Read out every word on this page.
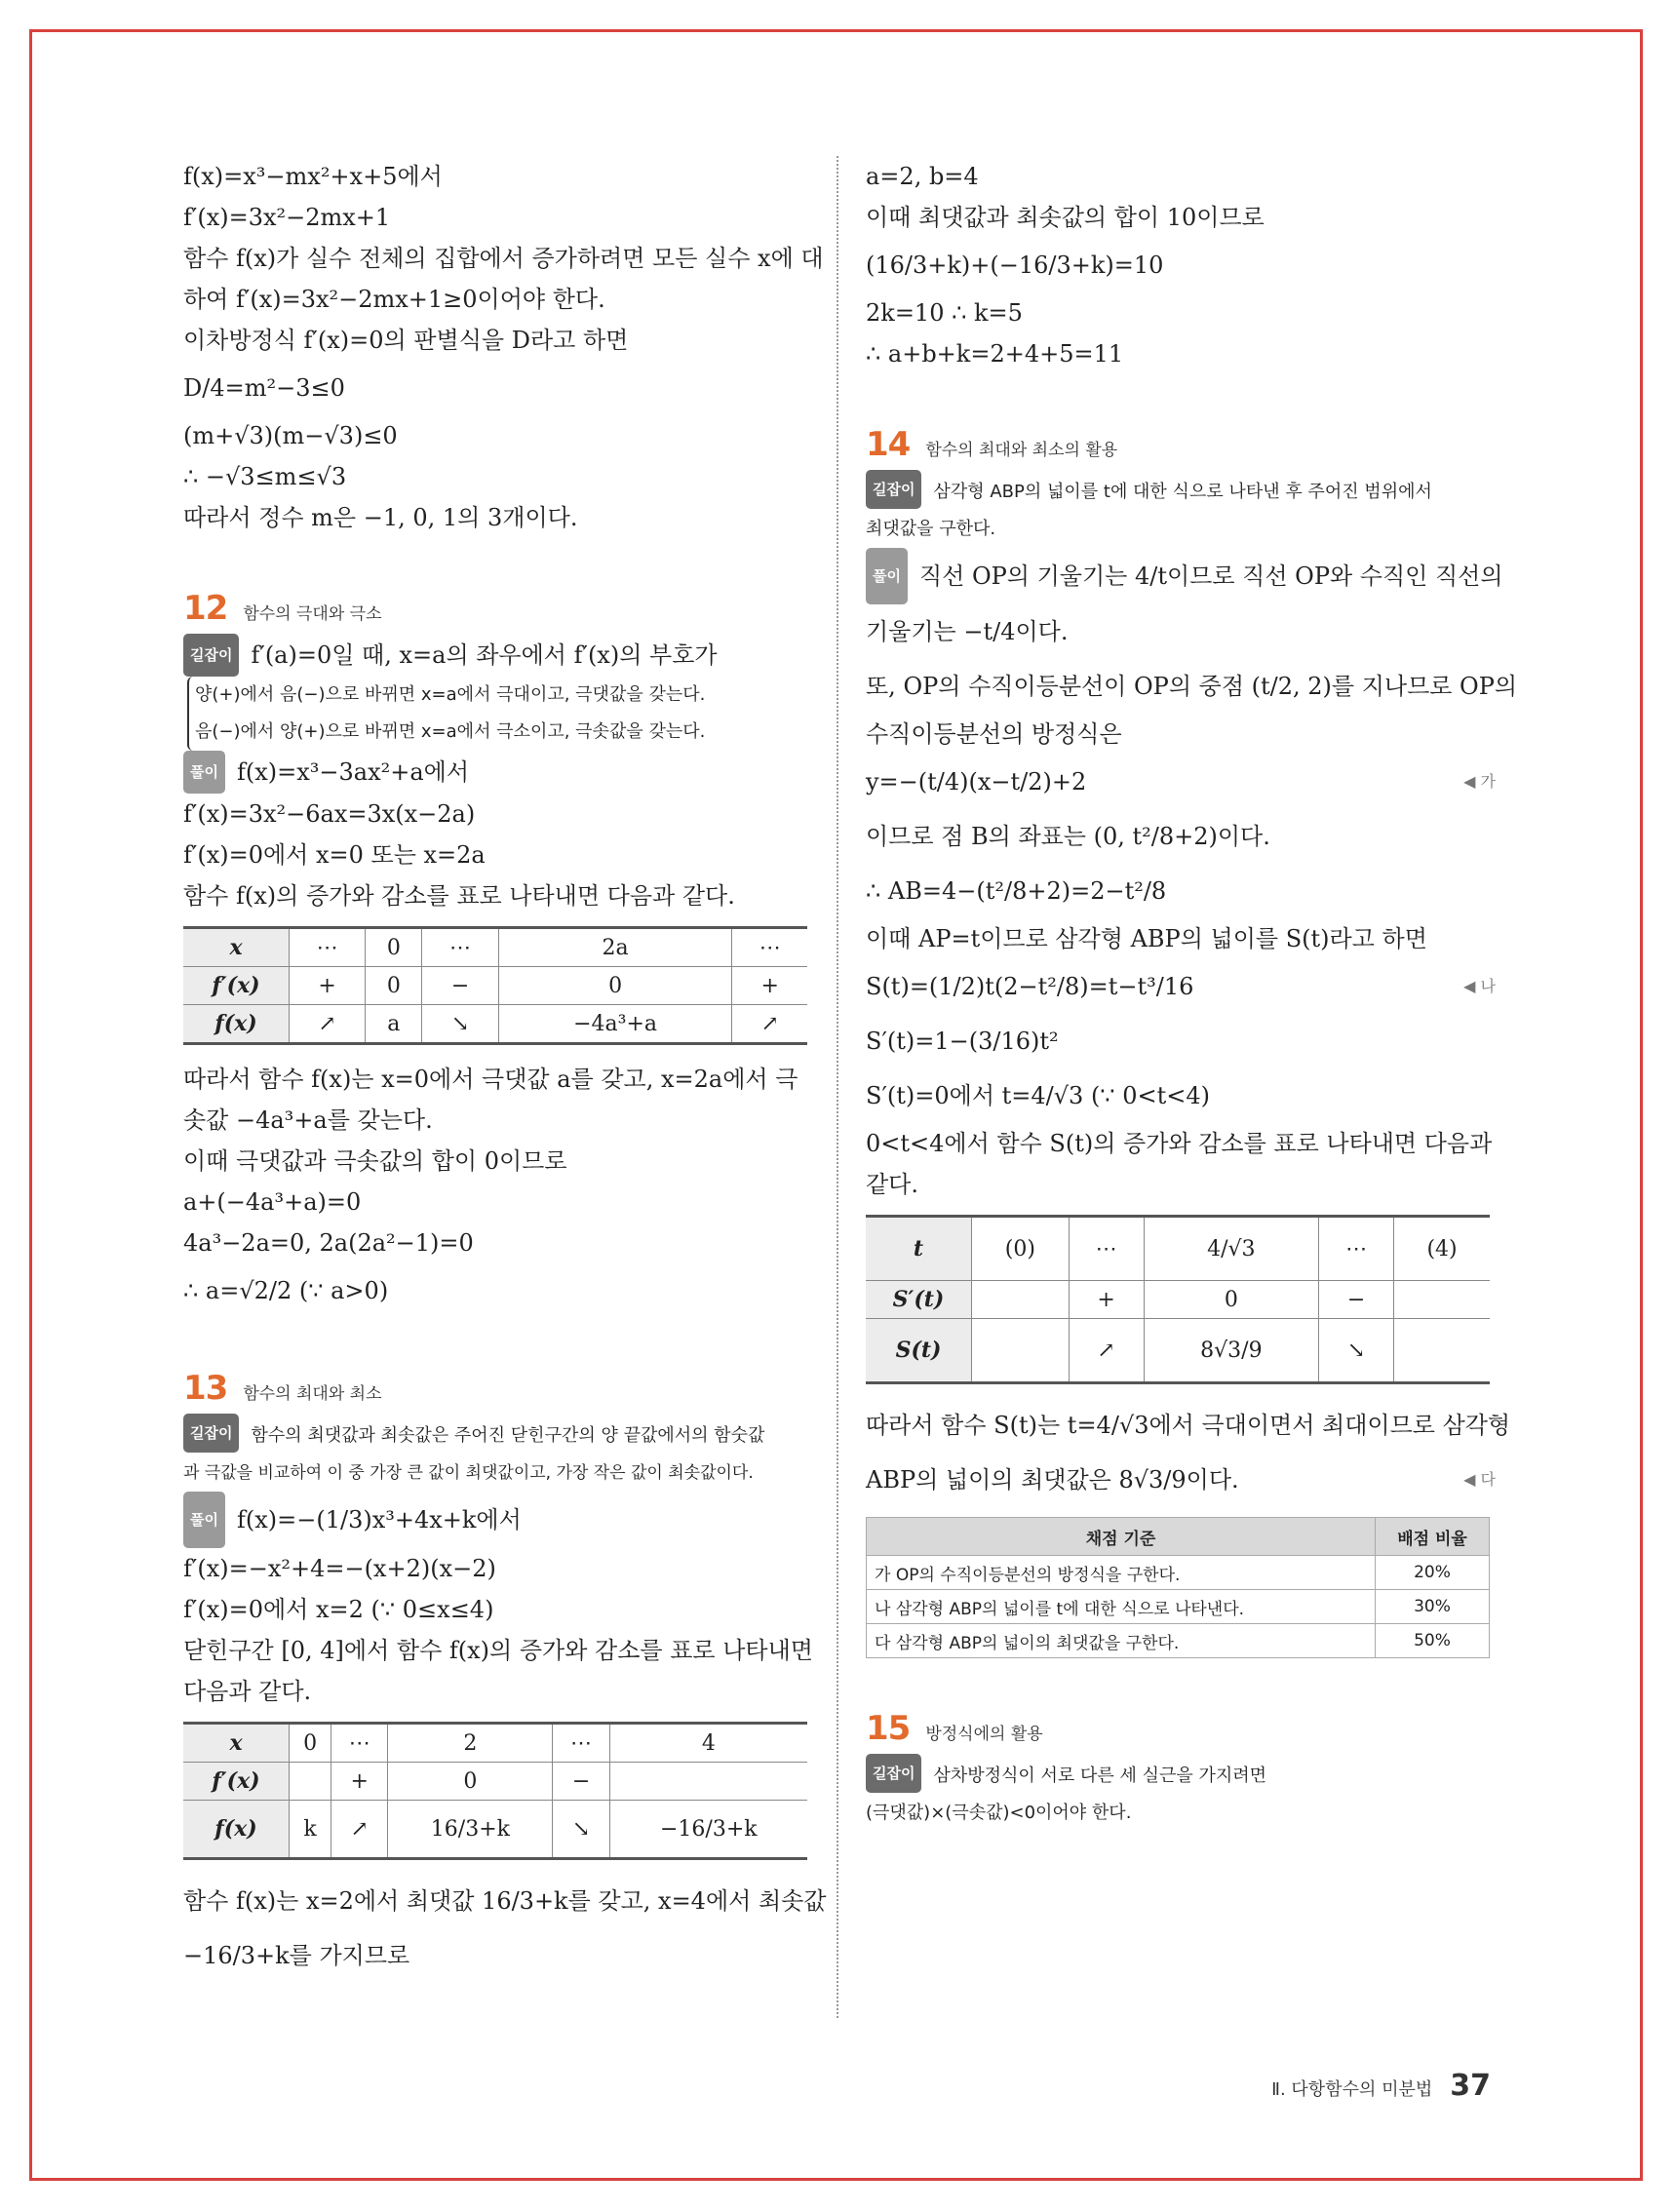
f(x)=x³−mx²+x+5에서
f′(x)=3x²−2mx+1
함수 f(x)가 실수 전체의 집합에서 증가하려면 모든 실수 x에 대
하여 f′(x)=3x²−2mx+1≥0이어야 한다.
이차방정식 f′(x)=0의 판별식을 D라고 하면
D/4=m²−3≤0
(m+√3)(m−√3)≤0
∴ −√3≤m≤√3
따라서 정수 m은 −1, 0, 1의 3개이다.
12 함수의 극대와 극소
길잡이 f′(a)=0일 때, x=a의 좌우에서 f′(x)의 부호가
양(+)에서 음(−)으로 바뀌면 x=a에서 극대이고, 극댓값을 갖는다.
음(−)에서 양(+)으로 바뀌면 x=a에서 극소이고, 극솟값을 갖는다.
풀이 f(x)=x³−3ax²+a에서
f′(x)=3x²−6ax=3x(x−2a)
f′(x)=0에서 x=0 또는 x=2a
함수 f(x)의 증가와 감소를 표로 나타내면 다음과 같다.
x	⋯	0	⋯	2a	⋯
f′(x)	+	0	−	0	+
f(x)	↗	a	↘	−4a³+a	↗
따라서 함수 f(x)는 x=0에서 극댓값 a를 갖고, x=2a에서 극
솟값 −4a³+a를 갖는다.
이때 극댓값과 극솟값의 합이 0이므로
a+(−4a³+a)=0
4a³−2a=0, 2a(2a²−1)=0
∴ a=√2/2 (∵ a>0)
13 함수의 최대와 최소
길잡이 함수의 최댓값과 최솟값은 주어진 닫힌구간의 양 끝값에서의 함숫값
과 극값을 비교하여 이 중 가장 큰 값이 최댓값이고, 가장 작은 값이 최솟값이다.
풀이 f(x)=−(1/3)x³+4x+k에서
f′(x)=−x²+4=−(x+2)(x−2)
f′(x)=0에서 x=2 (∵ 0≤x≤4)
닫힌구간 [0, 4]에서 함수 f(x)의 증가와 감소를 표로 나타내면
다음과 같다.
x	0	⋯	2	⋯	4
f′(x)		+	0	−	
f(x)	k	↗	16/3+k	↘	−16/3+k
함수 f(x)는 x=2에서 최댓값 16/3+k를 갖고, x=4에서 최솟값
−16/3+k를 가지므로
a=2, b=4
이때 최댓값과 최솟값의 합이 10이므로
(16/3+k)+(−16/3+k)=10
2k=10 ∴ k=5
∴ a+b+k=2+4+5=11
14 함수의 최대와 최소의 활용
길잡이 삼각형 ABP의 넓이를 t에 대한 식으로 나타낸 후 주어진 범위에서
최댓값을 구한다.
풀이 직선 OP의 기울기는 4/t이므로 직선 OP와 수직인 직선의
기울기는 −t/4이다.
또, OP의 수직이등분선이 OP의 중점 (t/2, 2)를 지나므로 OP의
수직이등분선의 방정식은
y=−(t/4)(x−t/2)+2	◀ 가
이므로 점 B의 좌표는 (0, t²/8+2)이다.
∴ AB=4−(t²/8+2)=2−t²/8
이때 AP=t이므로 삼각형 ABP의 넓이를 S(t)라고 하면
S(t)=(1/2)t(2−t²/8)=t−t³/16	◀ 나
S′(t)=1−(3/16)t²
S′(t)=0에서 t=4/√3 (∵ 0<t<4)
0<t<4에서 함수 S(t)의 증가와 감소를 표로 나타내면 다음과
같다.
t	(0)	⋯	4/√3	⋯	(4)
S′(t)		+	0	−	
S(t)		↗	8√3/9	↘	
따라서 함수 S(t)는 t=4/√3에서 극대이면서 최대이므로 삼각형
ABP의 넓이의 최댓값은 8√3/9이다.	◀ 다
채점 기준	배점 비율
가 OP의 수직이등분선의 방정식을 구한다.	20%
나 삼각형 ABP의 넓이를 t에 대한 식으로 나타낸다.	30%
다 삼각형 ABP의 넓이의 최댓값을 구한다.	50%
15 방정식에의 활용
길잡이 삼차방정식이 서로 다른 세 실근을 가지려면
(극댓값)×(극솟값)<0이어야 한다.
Ⅱ. 다항함수의 미분법 37
